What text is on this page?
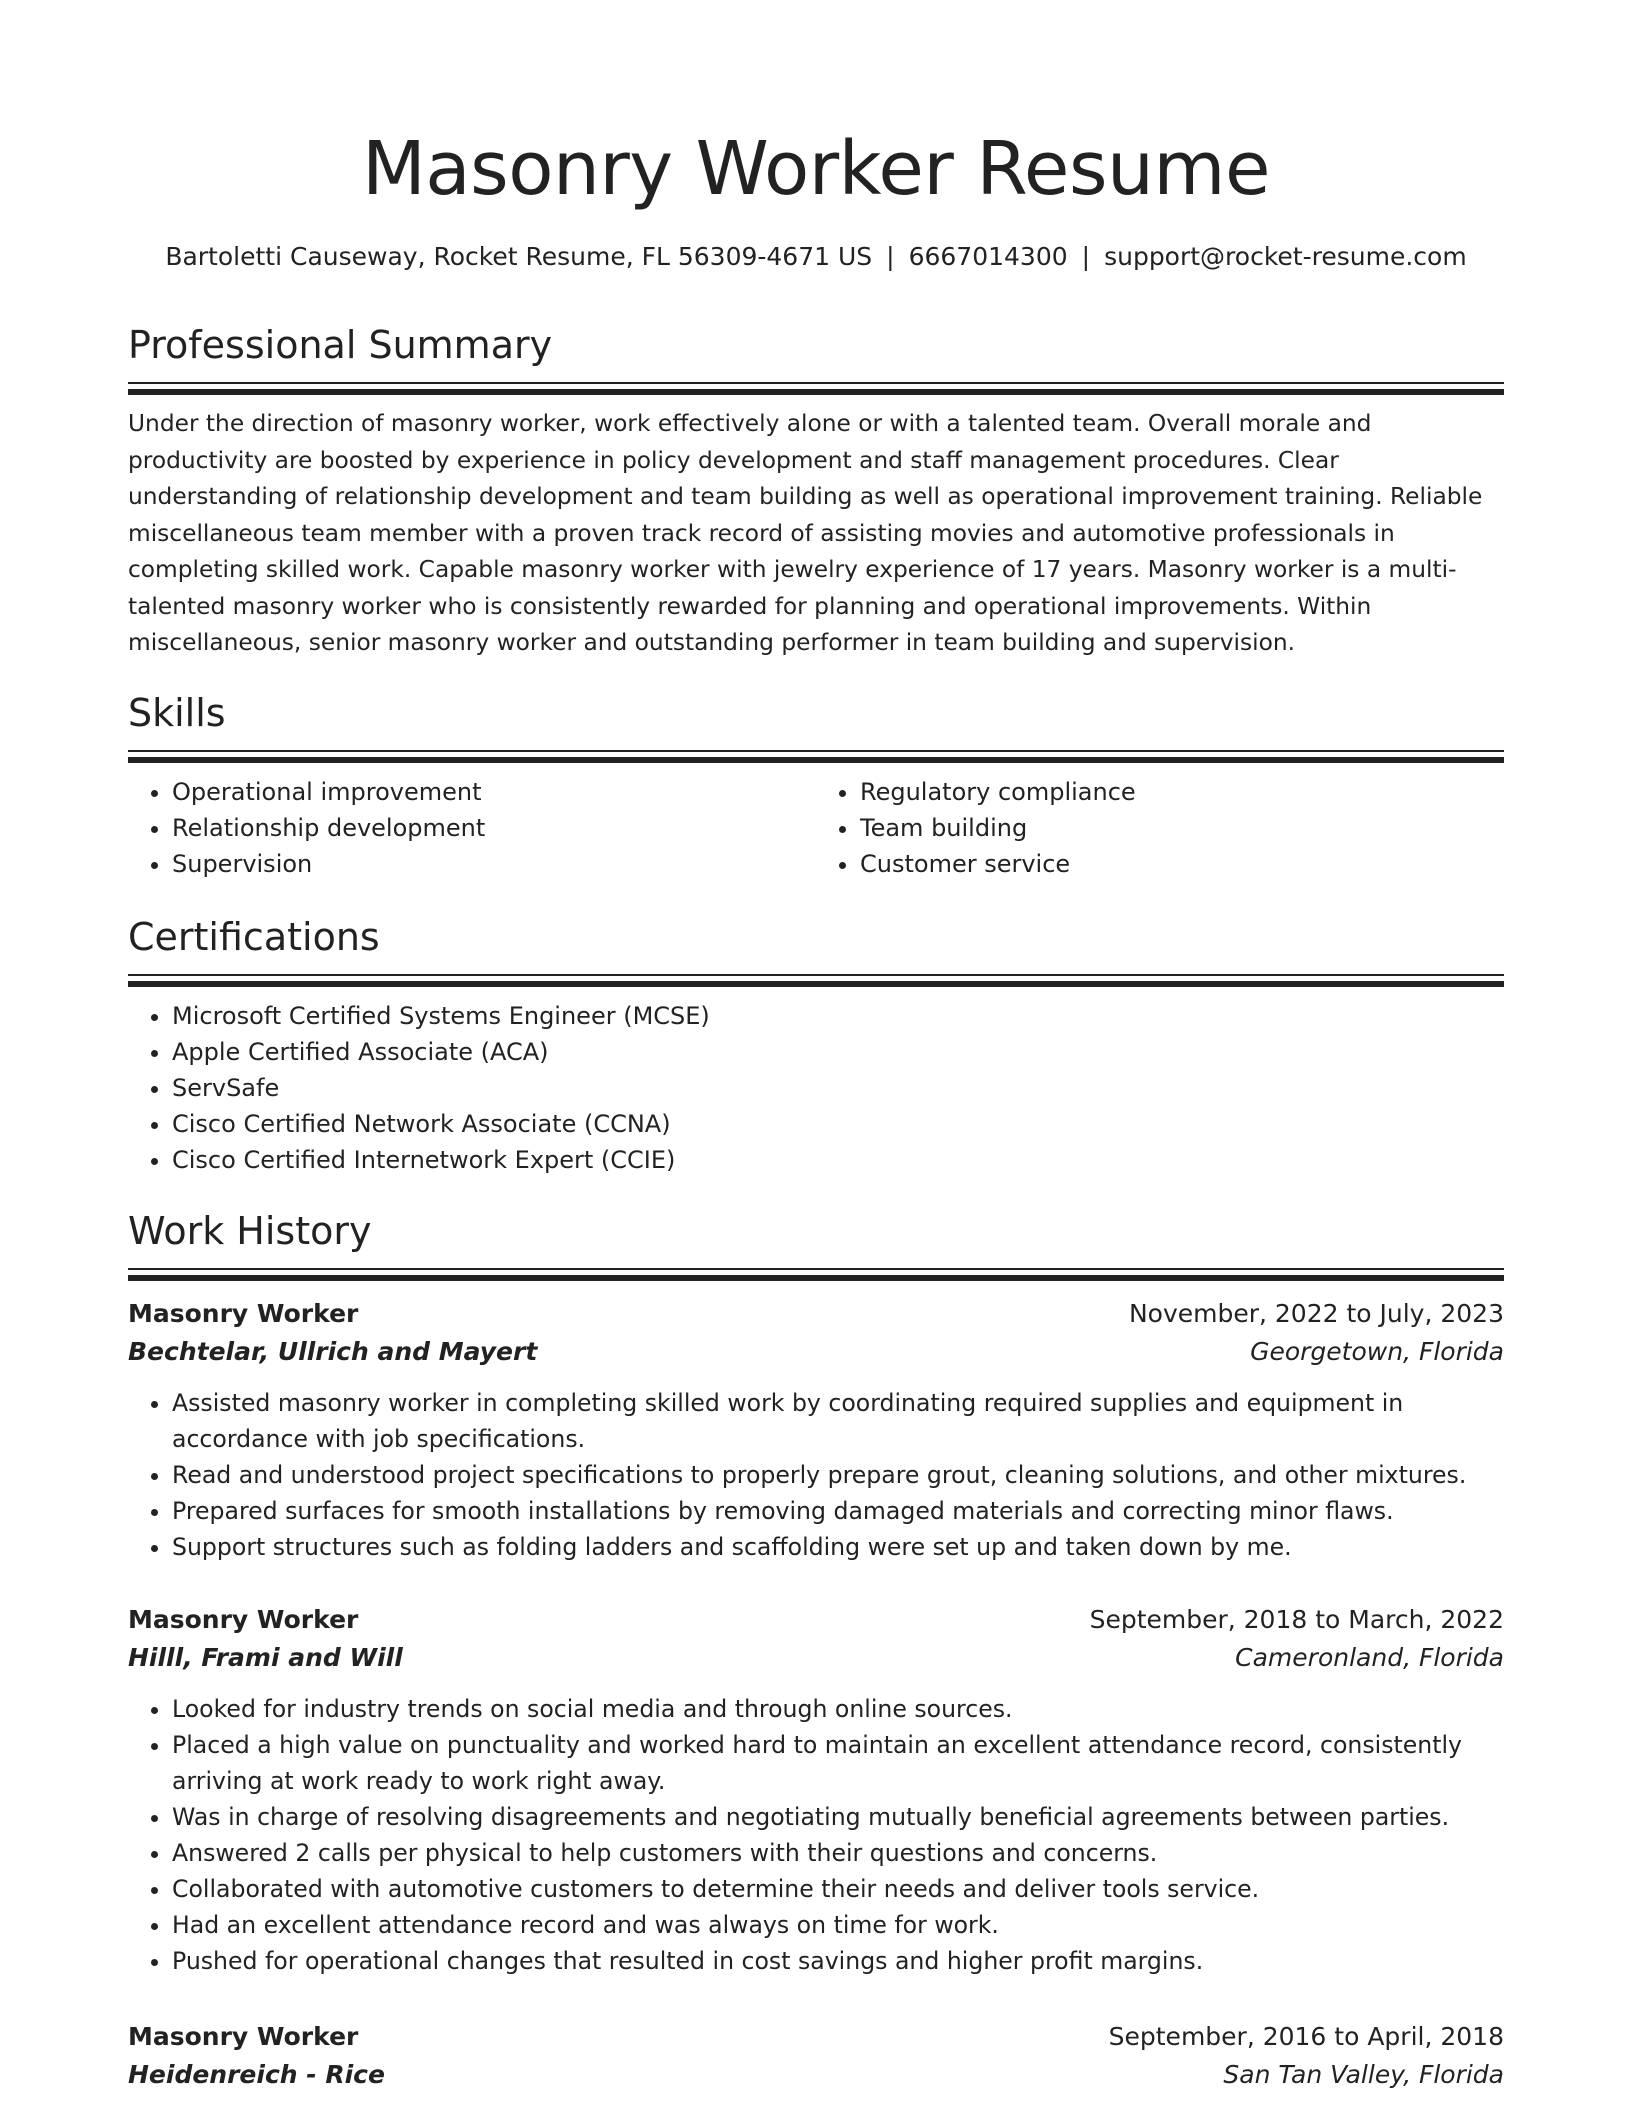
Masonry Worker Resume
Bartoletti Causeway, Rocket Resume, FL 56309-4671 US | 6667014300 | support@rocket-resume.com
Professional Summary
Under the direction of masonry worker, work effectively alone or with a talented team. Overall morale and productivity are boosted by experience in policy development and staff management procedures. Clear understanding of relationship development and team building as well as operational improvement training. Reliable miscellaneous team member with a proven track record of assisting movies and automotive professionals in completing skilled work. Capable masonry worker with jewelry experience of 17 years. Masonry worker is a multi-talented masonry worker who is consistently rewarded for planning and operational improvements. Within miscellaneous, senior masonry worker and outstanding performer in team building and supervision.
Skills
• Operational improvement
• Relationship development
• Supervision
• Regulatory compliance
• Team building
• Customer service
Certifications
• Microsoft Certified Systems Engineer (MCSE)
• Apple Certified Associate (ACA)
• ServSafe
• Cisco Certified Network Associate (CCNA)
• Cisco Certified Internetwork Expert (CCIE)
Work History
Masonry Worker	November, 2022 to July, 2023
Bechtelar, Ullrich and Mayert	Georgetown, Florida
• Assisted masonry worker in completing skilled work by coordinating required supplies and equipment in accordance with job specifications.
• Read and understood project specifications to properly prepare grout, cleaning solutions, and other mixtures.
• Prepared surfaces for smooth installations by removing damaged materials and correcting minor flaws.
• Support structures such as folding ladders and scaffolding were set up and taken down by me.
Masonry Worker	September, 2018 to March, 2022
Hilll, Frami and Will	Cameronland, Florida
• Looked for industry trends on social media and through online sources.
• Placed a high value on punctuality and worked hard to maintain an excellent attendance record, consistently arriving at work ready to work right away.
• Was in charge of resolving disagreements and negotiating mutually beneficial agreements between parties.
• Answered 2 calls per physical to help customers with their questions and concerns.
• Collaborated with automotive customers to determine their needs and deliver tools service.
• Had an excellent attendance record and was always on time for work.
• Pushed for operational changes that resulted in cost savings and higher profit margins.
Masonry Worker	September, 2016 to April, 2018
Heidenreich - Rice	San Tan Valley, Florida
